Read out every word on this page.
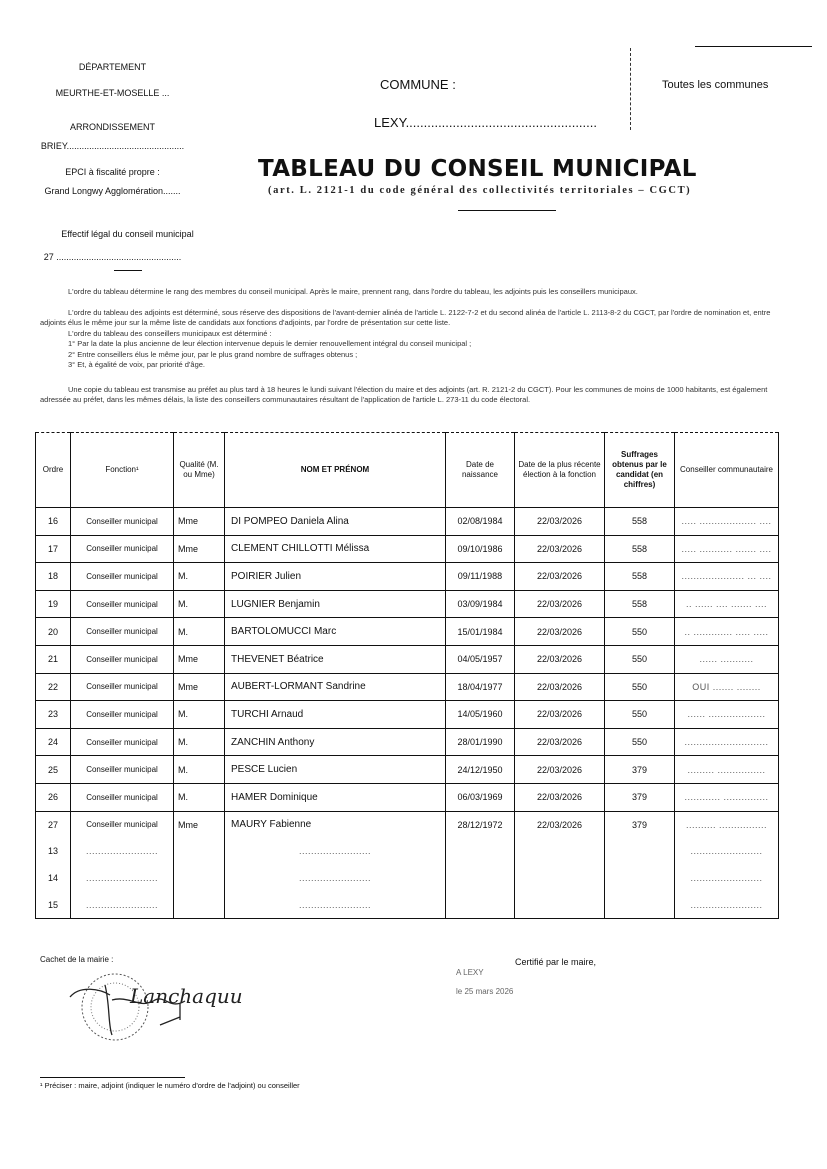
DÉPARTEMENT
MEURTHE-ET-MOSELLE ...
ARRONDISSEMENT
BRIEY...............................................
EPCI à fiscalité propre :
Grand Longwy Agglomération.......
Effectif légal du conseil municipal
27 ..................................................
COMMUNE :
LEXY.....................................................
Toutes les communes
TABLEAU DU CONSEIL MUNICIPAL
(art. L. 2121-1 du code général des collectivités territoriales – CGCT)

L'ordre du tableau détermine le rang des membres du conseil municipal. Après le maire, prennent rang, dans l'ordre du tableau, les adjoints puis les conseillers municipaux.

L'ordre du tableau des adjoints est déterminé, sous réserve des dispositions de l'avant-dernier alinéa de l'article L. 2122-7-2 et du second alinéa de l'article L. 2113-8-2 du CGCT, par l'ordre de nomination et, entre adjoints élus le même jour sur la même liste de candidats aux fonctions d'adjoints, par l'ordre de présentation sur cette liste.

L'ordre du tableau des conseillers municipaux est déterminé :

1° Par la date la plus ancienne de leur élection intervenue depuis le dernier renouvellement intégral du conseil municipal ;

2° Entre conseillers élus le même jour, par le plus grand nombre de suffrages obtenus ;

3° Et, à égalité de voix, par priorité d'âge.

Une copie du tableau est transmise au préfet au plus tard à 18 heures le lundi suivant l'élection du maire et des adjoints (art. R. 2121-2 du CGCT). Pour les communes de moins de 1000 habitants, est également adressée au préfet, dans les mêmes délais, la liste des conseillers communautaires résultant de l'application de l'article L. 273-11 du code électoral.

Ordre	Fonction¹	Qualité (M. ou Mme)	NOM ET PRÉNOM	Date de naissance	Date de la plus récente élection à la fonction	Suffrages obtenus par le candidat (en chiffres)	Conseiller communautaire
16	Conseiller municipal	Mme	DI POMPEO Daniela Alina	02/08/1984	22/03/2026	558	..... ................... ....
17	Conseiller municipal	Mme	CLEMENT CHILLOTTI Mélissa	09/10/1986	22/03/2026	558	..... ........... ....... ....
18	Conseiller municipal	M.	POIRIER Julien	09/11/1988	22/03/2026	558	..................... ... ....
19	Conseiller municipal	M.	LUGNIER Benjamin	03/09/1984	22/03/2026	558	.. ...... .... ....... ....
20	Conseiller municipal	M.	BARTOLOMUCCI Marc	15/01/1984	22/03/2026	550	.. ............. ..... .....
21	Conseiller municipal	Mme	THEVENET Béatrice	04/05/1957	22/03/2026	550	...... ...........
22	Conseiller municipal	Mme	AUBERT-LORMANT Sandrine	18/04/1977	22/03/2026	550	OUI ....... ........
23	Conseiller municipal	M.	TURCHI Arnaud	14/05/1960	22/03/2026	550	...... ...................
24	Conseiller municipal	M.	ZANCHIN Anthony	28/01/1990	22/03/2026	550	............................
25	Conseiller municipal	M.	PESCE Lucien	24/12/1950	22/03/2026	379	......... ................
26	Conseiller municipal	M.	HAMER Dominique	06/03/1969	22/03/2026	379	............ ...............
27	Conseiller municipal	Mme	MAURY Fabienne	28/12/1972	22/03/2026	379	.......... ................
13	........................		........................				........................
14	........................		........................				........................
15	........................		........................				........................
Cachet de la mairie :
Lanchaquu
Certifié par le maire,
A LEXY
le 25 mars 2026
¹ Préciser : maire, adjoint (indiquer le numéro d'ordre de l'adjoint) ou conseiller
